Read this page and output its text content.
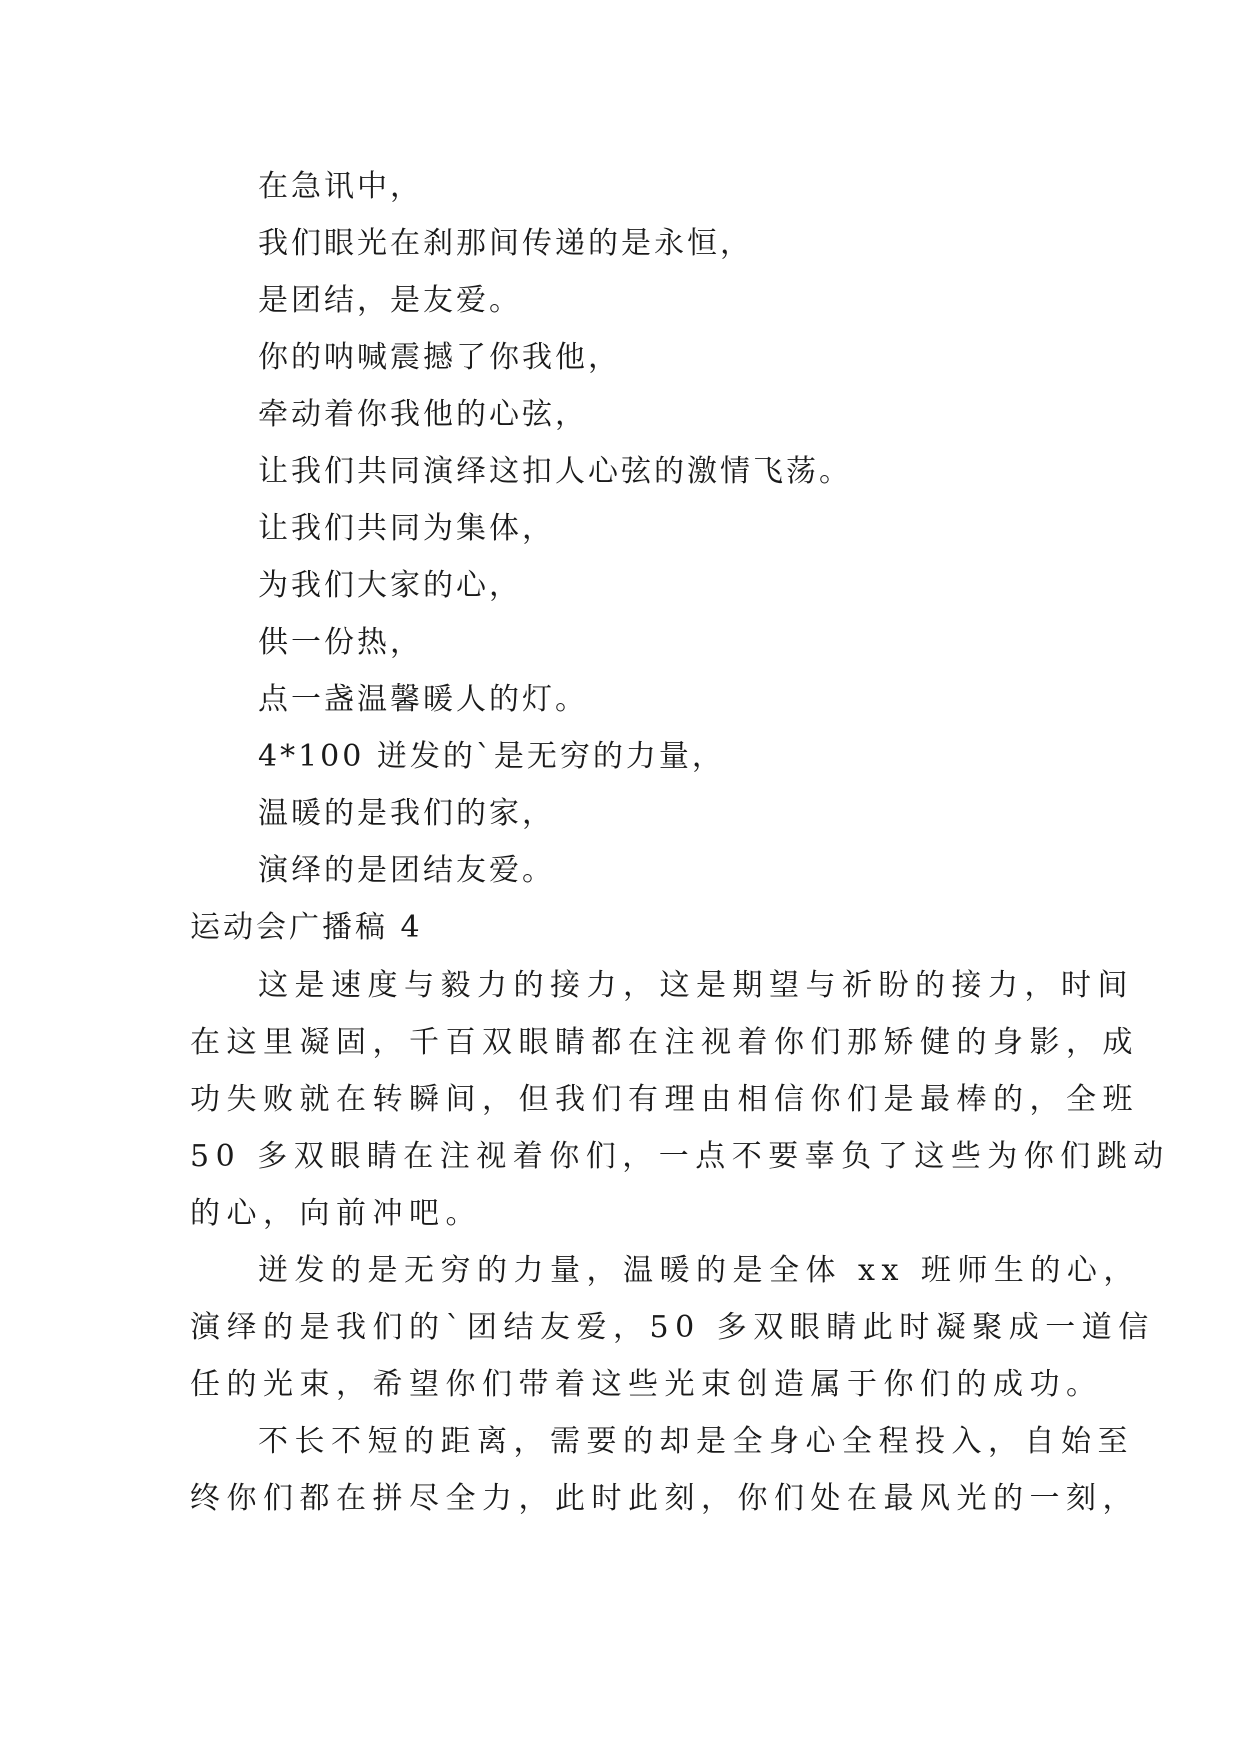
在急讯中，
我们眼光在刹那间传递的是永恒，
是团结，是友爱。
你的呐喊震撼了你我他，
牵动着你我他的心弦，
让我们共同演绎这扣人心弦的激情飞荡。
让我们共同为集体，
为我们大家的心，
供一份热，
点一盏温馨暖人的灯。
4*100 迸发的`是无穷的力量，
温暖的是我们的家，
演绎的是团结友爱。
运动会广播稿 4
这是速度与毅力的接力，这是期望与祈盼的接力，时间
在这里凝固，千百双眼睛都在注视着你们那矫健的身影，成
功失败就在转瞬间，但我们有理由相信你们是最棒的，全班
50 多双眼睛在注视着你们，一点不要辜负了这些为你们跳动
的心，向前冲吧。
迸发的是无穷的力量，温暖的是全体 xx 班师生的心，
演绎的是我们的`团结友爱，50 多双眼睛此时凝聚成一道信
任的光束，希望你们带着这些光束创造属于你们的成功。
不长不短的距离，需要的却是全身心全程投入，自始至
终你们都在拼尽全力，此时此刻，你们处在最风光的一刻，
